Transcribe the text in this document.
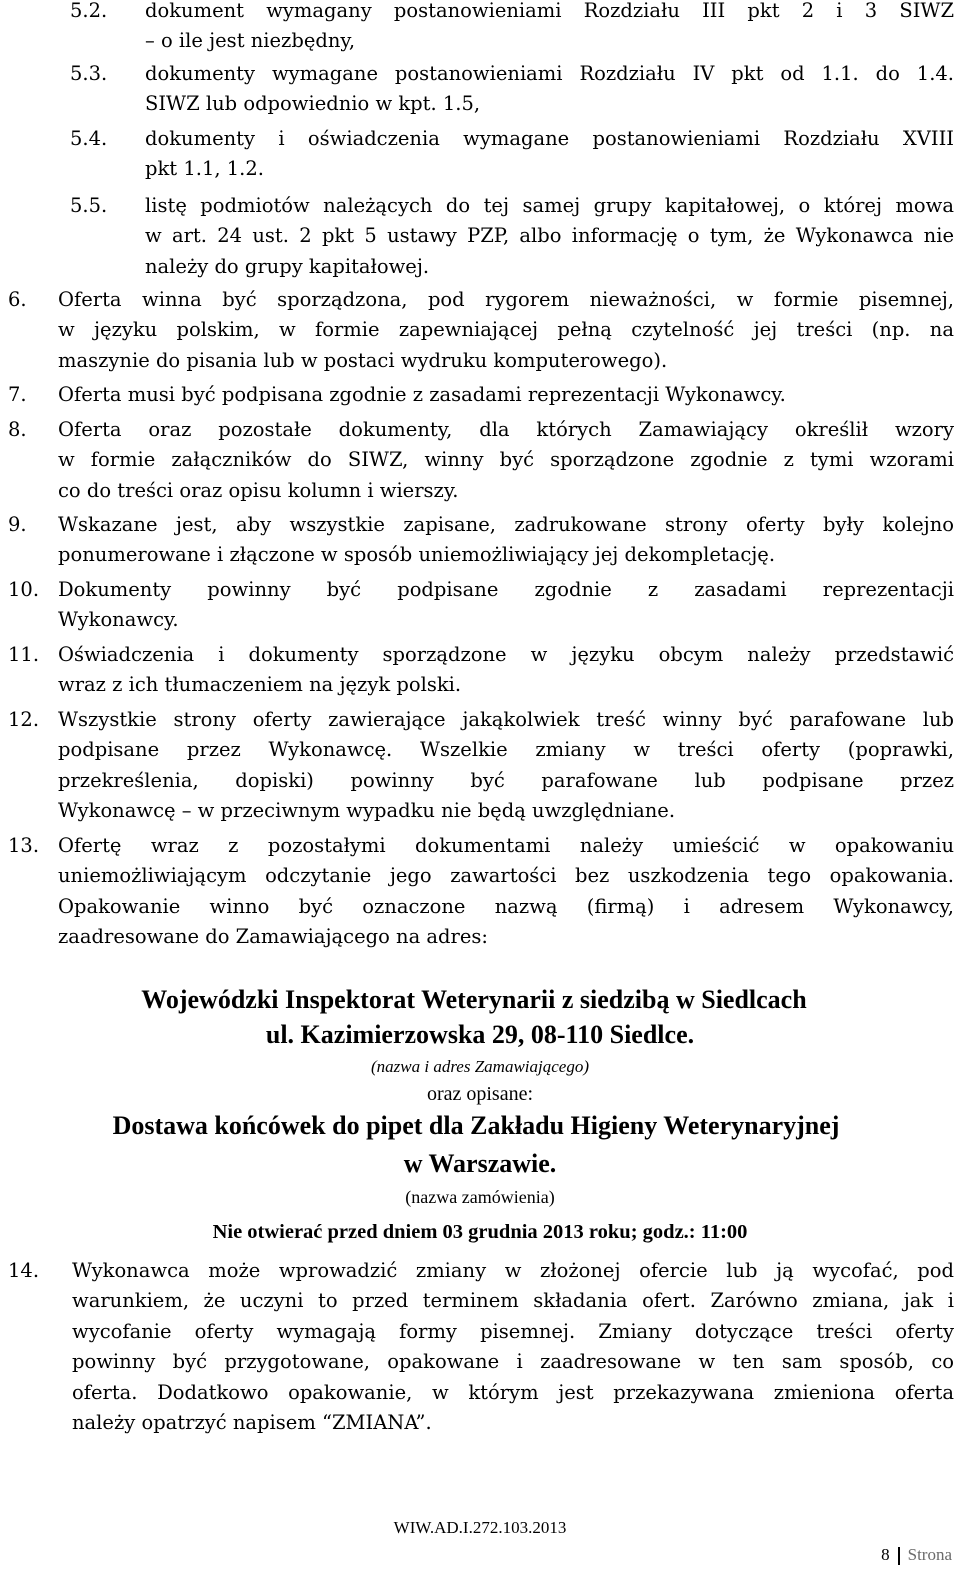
5.2. dokument wymagany postanowieniami Rozdziału III pkt 2 i 3 SIWZ
– o ile jest niezbędny,
5.3. dokumenty wymagane postanowieniami Rozdziału IV pkt od 1.1. do 1.4.
SIWZ lub odpowiednio w kpt. 1.5,
5.4. dokumenty i oświadczenia wymagane postanowieniami Rozdziału XVIII
pkt 1.1, 1.2.
5.5. listę podmiotów należących do tej samej grupy kapitałowej, o której mowa
w art. 24 ust. 2 pkt 5 ustawy PZP, albo informację o tym, że Wykonawca nie
należy do grupy kapitałowej.
6. Oferta winna być sporządzona, pod rygorem nieważności, w formie pisemnej,
w języku polskim, w formie zapewniającej pełną czytelność jej treści (np. na
maszynie do pisania lub w postaci wydruku komputerowego).
7. Oferta musi być podpisana zgodnie z zasadami reprezentacji Wykonawcy.
8. Oferta oraz pozostałe dokumenty, dla których Zamawiający określił wzory
w formie załączników do SIWZ, winny być sporządzone zgodnie z tymi wzorami
co do treści oraz opisu kolumn i wierszy.
9. Wskazane jest, aby wszystkie zapisane, zadrukowane strony oferty były kolejno
ponumerowane i złączone w sposób uniemożliwiający jej dekompletację.
10. Dokumenty powinny być podpisane zgodnie z zasadami reprezentacji
Wykonawcy.
11. Oświadczenia i dokumenty sporządzone w języku obcym należy przedstawić
wraz z ich tłumaczeniem na język polski.
12. Wszystkie strony oferty zawierające jakąkolwiek treść winny być parafowane lub
podpisane przez Wykonawcę. Wszelkie zmiany w treści oferty (poprawki,
przekreślenia, dopiski) powinny być parafowane lub podpisane przez
Wykonawcę – w przeciwnym wypadku nie będą uwzględniane.
13. Ofertę wraz z pozostałymi dokumentami należy umieścić w opakowaniu
uniemożliwiającym odczytanie jego zawartości bez uszkodzenia tego opakowania.
Opakowanie winno być oznaczone nazwą (firmą) i adresem Wykonawcy,
zaadresowane do Zamawiającego na adres:
Wojewódzki Inspektorat Weterynarii z siedzibą w Siedlcach
ul. Kazimierzowska 29, 08-110 Siedlce.
(nazwa i adres Zamawiającego)
oraz opisane:
Dostawa końcówek do pipet dla Zakładu Higieny Weterynaryjnej
w Warszawie.
(nazwa zamówienia)
Nie otwierać przed dniem 03 grudnia 2013 roku; godz.: 11:00
14. Wykonawca może wprowadzić zmiany w złożonej ofercie lub ją wycofać, pod
warunkiem, że uczyni to przed terminem składania ofert. Zarówno zmiana, jak i
wycofanie oferty wymagają formy pisemnej. Zmiany dotyczące treści oferty
powinny być przygotowane, opakowane i zaadresowane w ten sam sposób, co
oferta. Dodatkowo opakowanie, w którym jest przekazywana zmieniona oferta
należy opatrzyć napisem “ZMIANA”.
WIW.AD.I.272.103.2013
8 Strona
